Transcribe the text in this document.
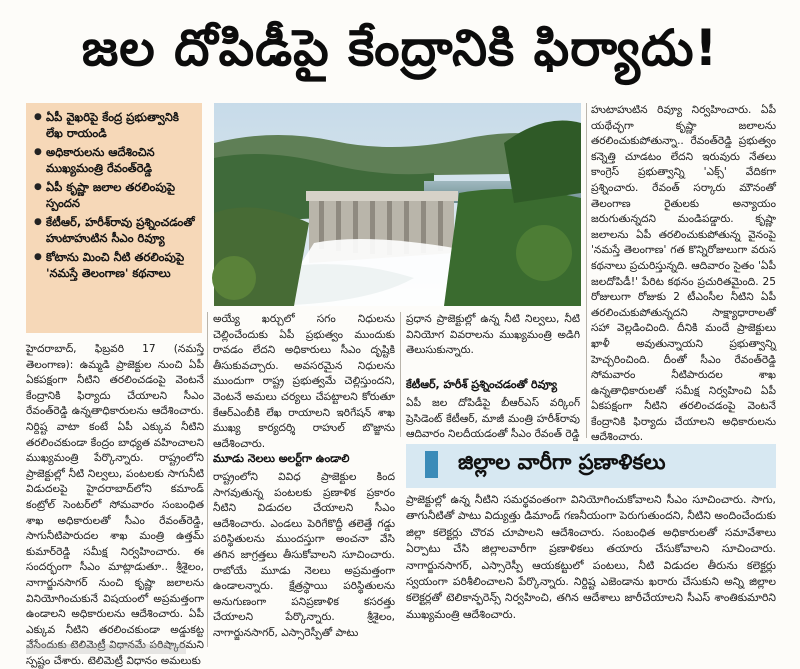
జల దోపిడీపై కేంద్రానికి ఫిర్యాదు!
● ఏపీ వైఖరిపై కేంద్ర ప్రభుత్వానికి లేఖ రాయండి
● అధికారులను ఆదేశించిన ముఖ్యమంత్రి రేవంత్‌రెడ్డి
● ఏపీ కృష్ణా జలాల తరలింపుపై స్పందన
● కేటీఆర్‌, హరీశ్‌రావు ప్రశ్నించడంతో హుటాహుటిన సీఎం రివ్యూ
● కోటాను మించి నీటి తరలింపుపై 'నమస్తే తెలంగాణ' కథనాలు

హైదరాబాద్‌, ఫిబ్రవరి 17 (నమస్తే తెలంగాణ): ఉమ్మడి ప్రాజెక్టుల నుంచి ఏపీ ఏకపక్షంగా నీటిని తరలించడంపై వెంటనే కేంద్రానికి ఫిర్యాదు చేయాలని సీఎం రేవంత్‌రెడ్డి ఉన్నతాధికారులను ఆదేశించారు. నిర్దిష్ట వాటా కంటే ఏపీ ఎక్కువ నీటిని తరలించకుండా కేంద్రం బాధ్యత వహించాలని ముఖ్యమంత్రి పేర్కొన్నారు. రాష్ట్రంలోని ప్రాజెక్టుల్లో నీటి నిల్వలు, పంటలకు సాగునీటి విడుదలపై హైదరాబాద్‌లోని కమాండ్‌ కంట్రోల్‌ సెంటర్‌లో సోమవారం సంబంధిత శాఖ అధికారులతో సీఎం రేవంత్‌రెడ్డి, సాగునీటిపారుదల శాఖ మంత్రి ఉత్తమ్‌ కుమార్‌రెడ్డి సమీక్ష నిర్వహించారు. ఈ సందర్భంగా సీఎం మాట్లాడుతూ.. శ్రీశైలం, నాగార్జునసాగర్‌ నుంచి కృష్ణా జలాలను వినియోగించుకునే విషయంలో అప్రమత్తంగా ఉండాలని అధికారులను ఆదేశించారు. ఏపీ ఎక్కువ నీటిని తరలించకుండా అడ్డుకట్ట వేసేందుకు టెలిమెట్రీ విధానమే పరిష్కారమని స్పష్టం చేశారు. టెలిమెట్రీ విధానం అమలుకు

అయ్యే ఖర్చులో సగం నిధులను చెల్లించేందుకు ఏపీ ప్రభుత్వం ముందుకు రావడం లేదని అధికారులు సీఎం దృష్టికి తీసుకువచ్చారు. అవసరమైన నిధులను ముందుగా రాష్ట్ర ప్రభుత్వమే చెల్లిస్తుందని, వెంటనే అమలు చర్యలు చేపట్టాలని కోరుతూ కేఆర్‌ఎంబీకి లేఖ రాయాలని ఇరిగేషన్‌ శాఖ ముఖ్య కార్యదర్శి రాహుల్‌ బొజ్జాను ఆదేశించారు.

మూడు నెలలు అలర్ట్‌గా ఉండాలి

రాష్ట్రంలోని వివిధ ప్రాజెక్టుల కింద సాగవుతున్న పంటలకు ప్రణాళిక ప్రకారం నీటిని విడుదల చేయాలని సీఎం ఆదేశించారు. ఎండలు పెరిగేకొద్దీ తలెత్తే గడ్డు పరిస్థితులను ముందస్తుగా అంచనా వేసి తగిన జాగ్రత్తలు తీసుకోవాలని సూచించారు. రాబోయే మూడు నెలలు అప్రమత్తంగా ఉండాలన్నారు. క్షేత్రస్థాయి పరిస్థితులను అనుగుణంగా పనిప్రణాళిక కసరత్తు చేయాలని పేర్కొన్నారు. శ్రీశైలం, నాగార్జునసాగర్‌, ఎస్సారెస్పీతో పాటు

ప్రధాన ప్రాజెక్టుల్లో ఉన్న నీటి నిల్వలు, నీటి వినియోగ వివరాలను ముఖ్యమంత్రి అడిగి తెలుసుకున్నారు.

కేటీఆర్‌, హరీశ్‌ ప్రశ్నించడంతో రివ్యూ

ఏపీ జల దోపిడీపై బీఆర్‌ఎస్‌ వర్కింగ్‌ ప్రెసిడెంట్‌ కేటీఆర్‌, మాజీ మంత్రి హరీశ్‌రావు ఆదివారం నిలదీయడంతో సీఎం రేవంత్‌ రెడ్డి

హుటాహుటిన రివ్యూ నిర్వహించారు. ఏపీ యథేచ్ఛగా కృష్ణా జలాలను తరలించుకుపోతున్నా.. రేవంత్‌రెడ్డి ప్రభుత్వం కన్నెత్తి చూడటం లేదని ఇరువురు నేతలు కాంగ్రెస్‌ ప్రభుత్వాన్ని 'ఎక్స్‌' వేదికగా ప్రశ్నించారు. రేవంత్‌ సర్కారు మౌనంతో తెలంగాణ రైతులకు అన్యాయం జరుగుతున్నదని మండిపడ్డారు. కృష్ణా జలాలను ఏపీ తరలించుకుపోతున్న వైనంపై 'నమస్తే తెలంగాణ' గత కొన్నిరోజులుగా వరుస కథనాలు ప్రచురిస్తున్నది. ఆదివారం సైతం 'ఏపీ జలదోపిడీ!' పేరిట కథనం ప్రచురితమైంది. 25 రోజులుగా రోజుకు 2 టీఎంసీల నీటిని ఏపీ తరలించుకుపోతున్నదని సాక్ష్యాధారాలతో సహా వెల్లడించింది. దీనికి మందే ప్రాజెక్టులు ఖాళీ అవుతున్నాయని ప్రభుత్వాన్ని హెచ్చరించింది. దీంతో సీఎం రేవంత్‌రెడ్డి సోమవారం నీటిపారుదల శాఖ ఉన్నతాధికారులతో సమీక్ష నిర్వహించి ఏపీ ఏకపక్షంగా నీటిని తరలించడంపై వెంటనే కేంద్రానికి ఫిర్యాదు చేయాలని అధికారులను ఆదేశించారు.

జిల్లాల వారీగా ప్రణాళికలు

ప్రాజెక్టుల్లో ఉన్న నీటిని సమర్థవంతంగా వినియోగించుకోవాలని సీఎం సూచించారు. సాగు, తాగునీటితో పాటు విద్యుత్తు డిమాండ్‌ గణనీయంగా పెరుగుతుందని, నీటిని అందించేందుకు జిల్లా కలెక్టర్లు చొరవ చూపాలని ఆదేశించారు. సంబంధిత అధికారులతో సమావేశాలు ఏర్పాటు చేసి జిల్లాలవారీగా ప్రణాళికలు తయారు చేసుకోవాలని సూచించారు. నాగార్జునసాగర్‌, ఎస్సారెస్పీ ఆయకట్టులో పంటలు, నీటి విడుదల తీరును కలెక్టర్లు స్వయంగా పరిశీలించాలని పేర్కొన్నారు. నిర్దిష్ట ఎజెండాను ఖరారు చేసుకుని అన్ని జిల్లాల కలెక్టర్లతో టెలికాన్ఫరెన్స్‌ నిర్వహించి, తగిన ఆదేశాలు జారీచేయాలని సీఎస్‌ శాంతికుమారిని ముఖ్యమంత్రి ఆదేశించారు.
